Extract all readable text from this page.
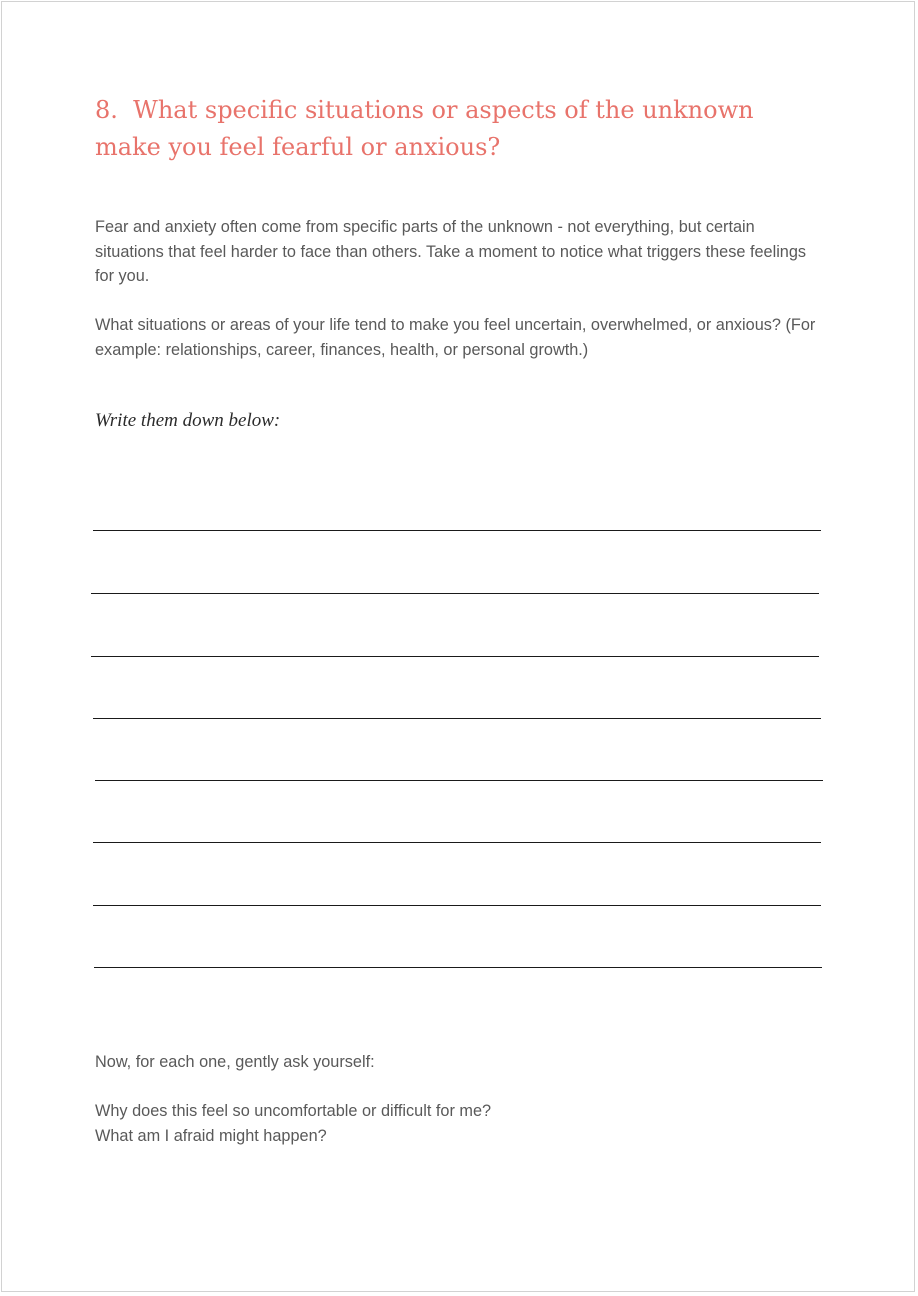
8. What specific situations or aspects of the unknown make you feel fearful or anxious?

Fear and anxiety often come from specific parts of the unknown - not everything, but certain situations that feel harder to face than others. Take a moment to notice what triggers these feelings for you.

What situations or areas of your life tend to make you feel uncertain, overwhelmed, or anxious? (For example: relationships, career, finances, health, or personal growth.)

Write them down below:

Now, for each one, gently ask yourself:

Why does this feel so uncomfortable or difficult for me?
What am I afraid might happen?
